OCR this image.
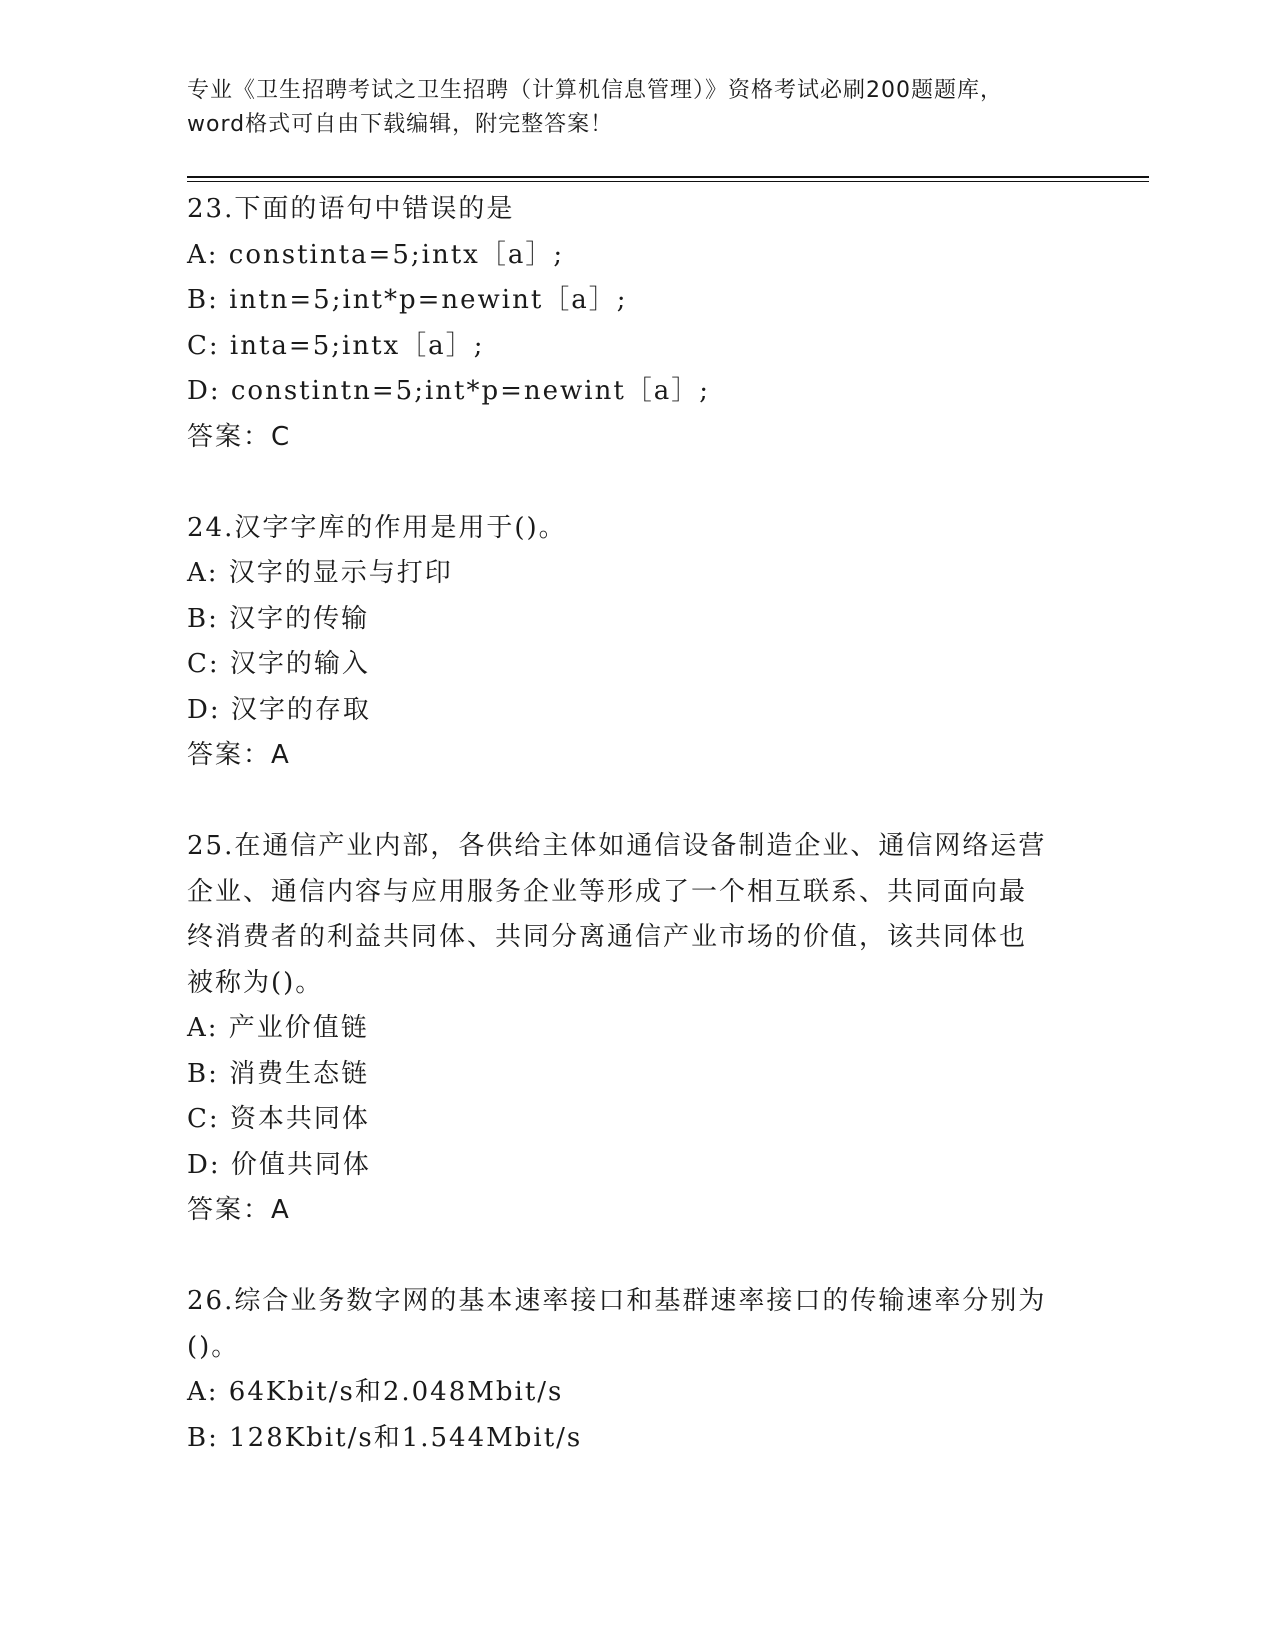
专业《卫生招聘考试之卫生招聘（计算机信息管理）》资格考试必刷200题题库，
word格式可自由下载编辑，附完整答案！
23.下面的语句中错误的是
A: constinta=5;intx［a］;
B: intn=5;int*p=newint［a］;
C: inta=5;intx［a］;
D: constintn=5;int*p=newint［a］;
答案：C
24.汉字字库的作用是用于()。
A: 汉字的显示与打印
B: 汉字的传输
C: 汉字的输入
D: 汉字的存取
答案：A
25.在通信产业内部，各供给主体如通信设备制造企业、通信网络运营
企业、通信内容与应用服务企业等形成了一个相互联系、共同面向最
终消费者的利益共同体、共同分离通信产业市场的价值，该共同体也
被称为()。
A: 产业价值链
B: 消费生态链
C: 资本共同体
D: 价值共同体
答案：A
26.综合业务数字网的基本速率接口和基群速率接口的传输速率分别为
()。
A: 64Kbit/s和2.048Mbit/s
B: 128Kbit/s和1.544Mbit/s
